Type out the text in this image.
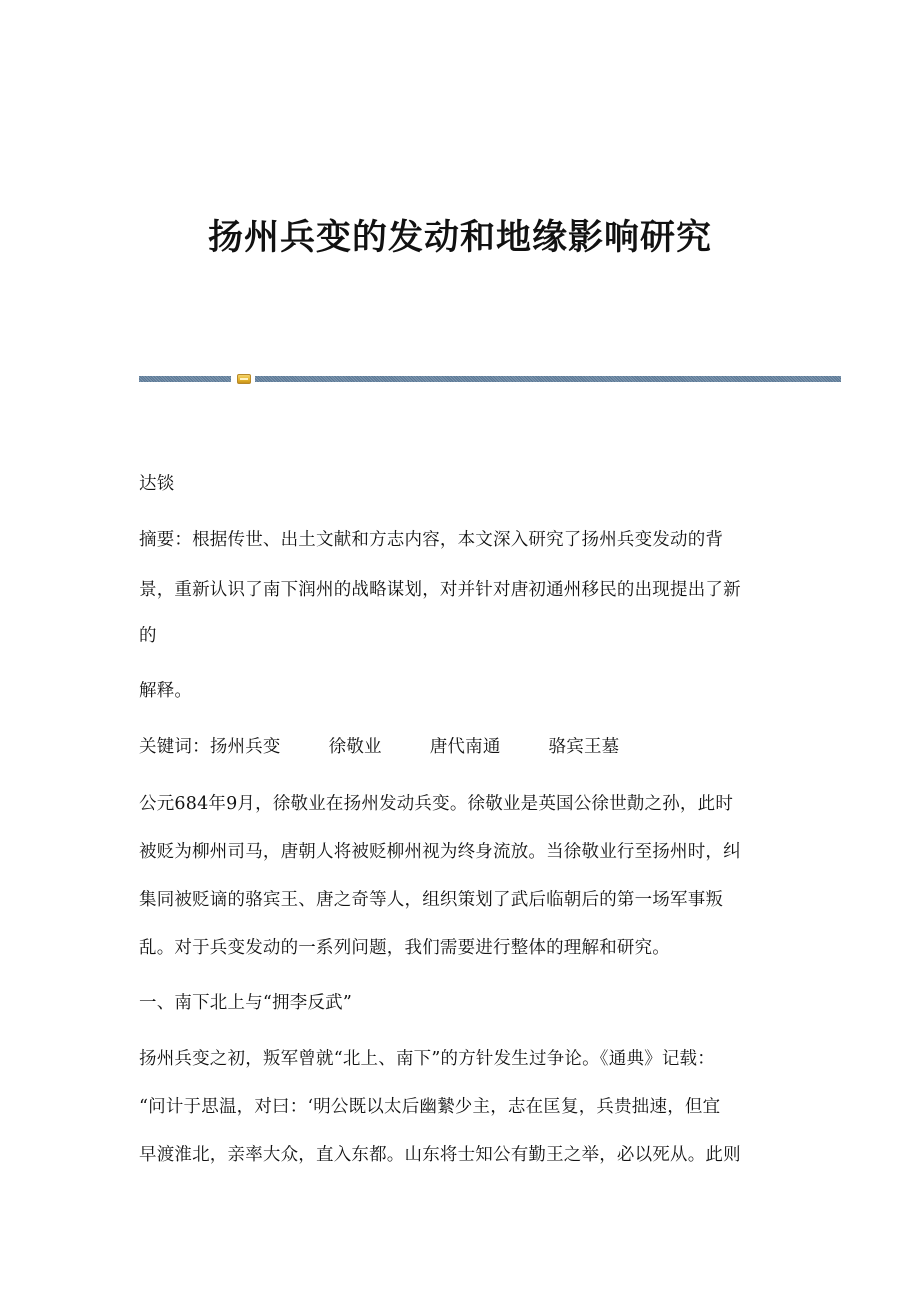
扬州兵变的发动和地缘影响研究
达锬
摘要：根据传世、出土文献和方志内容，本文深入研究了扬州兵变发动的背
景，重新认识了南下润州的战略谋划，对并针对唐初通州移民的出现提出了新
的
解释。
关键词：扬州兵变	徐敬业	唐代南通	骆宾王墓
公元684年9月，徐敬业在扬州发动兵变。徐敬业是英国公徐世勣之孙，此时
被贬为柳州司马，唐朝人将被贬柳州视为终身流放。当徐敬业行至扬州时，纠
集同被贬谪的骆宾王、唐之奇等人，组织策划了武后临朝后的第一场军事叛
乱。对于兵变发动的一系列问题，我们需要进行整体的理解和研究。
一、南下北上与“拥李反武”
扬州兵变之初，叛军曾就“北上、南下”的方针发生过争论。《通典》记载：
“问计于思温，对曰：‘明公既以太后幽縶少主，志在匡复，兵贵拙速，但宜
早渡淮北，亲率大众，直入东都。山东将士知公有勤王之举，必以死从。此则
